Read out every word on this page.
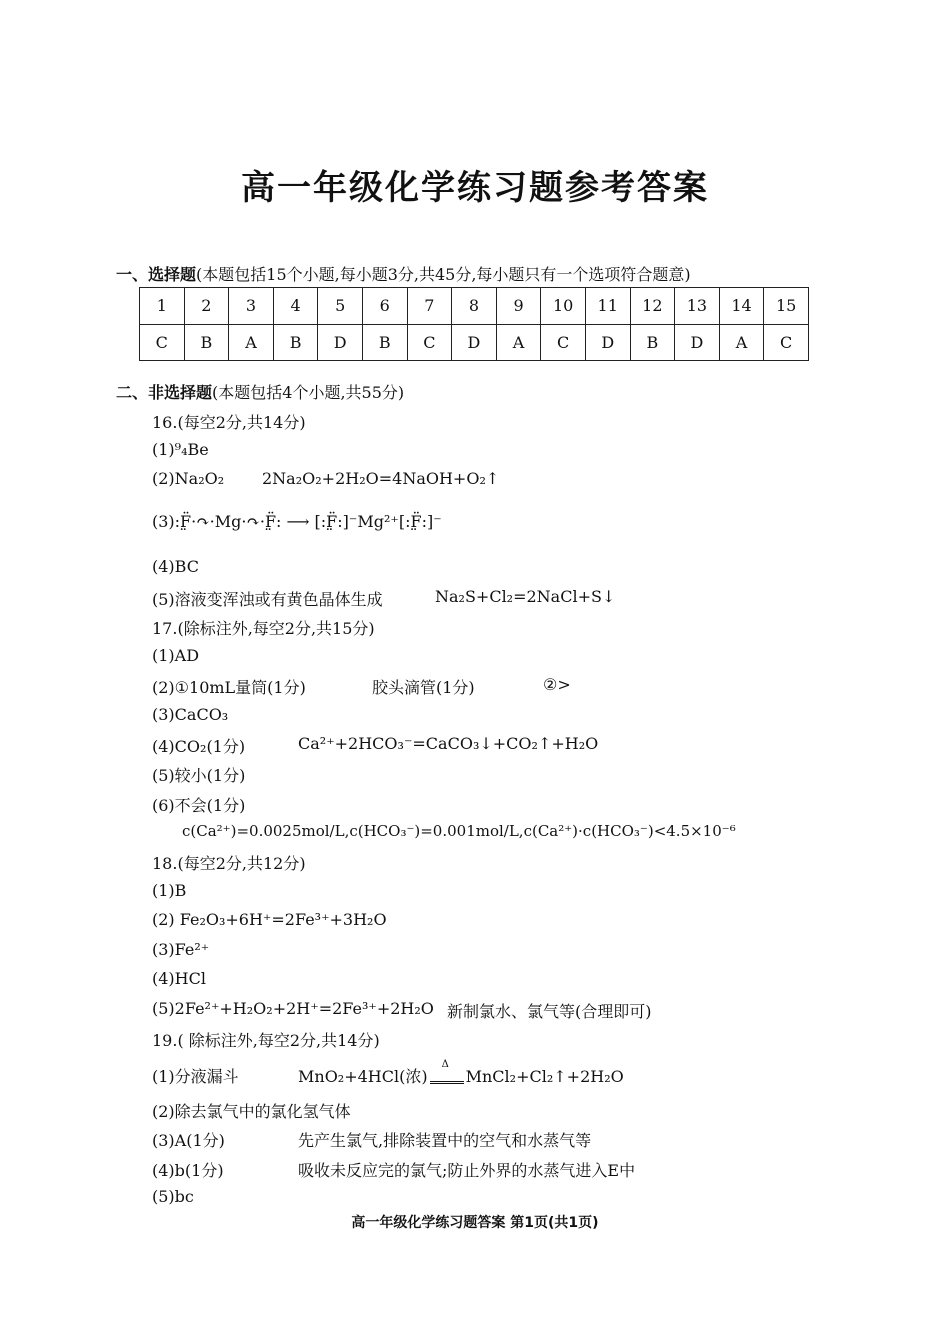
高一年级化学练习题参考答案
一、选择题(本题包括15个小题,每小题3分,共45分,每小题只有一个选项符合题意)
1	2	3	4	5	6	7	8	9	10	11	12	13	14	15
C	B	A	B	D	B	C	D	A	C	D	B	D	A	C
二、非选择题(本题包括4个小题,共55分)
16.(每空2分,共14分)
(1)⁹₄Be
(2)Na₂O₂ 2Na₂O₂+2H₂O=4NaOH+O₂↑
(3):F̤̈·↷·Mg·↷·F̤̈: ⟶ [:F̤̈:]⁻Mg²⁺[:F̤̈:]⁻
(4)BC
(5)溶液变浑浊或有黄色晶体生成	Na₂S+Cl₂=2NaCl+S↓
17.(除标注外,每空2分,共15分)
(1)AD
(2)①10mL量筒(1分)	胶头滴管(1分)	②>
(3)CaCO₃
(4)CO₂(1分)	Ca²⁺+2HCO₃⁻=CaCO₃↓+CO₂↑+H₂O
(5)较小(1分)
(6)不会(1分)
c(Ca²⁺)=0.0025mol/L,c(HCO₃⁻)=0.001mol/L,c(Ca²⁺)·c(HCO₃⁻)<4.5×10⁻⁶
18.(每空2分,共12分)
(1)B
(2) Fe₂O₃+6H⁺=2Fe³⁺+3H₂O
(3)Fe²⁺
(4)HCl
(5)2Fe²⁺+H₂O₂+2H⁺=2Fe³⁺+2H₂O 新制氯水、氯气等(合理即可)
19.( 除标注外,每空2分,共14分)
(1)分液漏斗	MnO₂+4HCl(浓)
Δ
MnCl₂+Cl₂↑+2H₂O
(2)除去氯气中的氯化氢气体
(3)A(1分)	先产生氯气,排除装置中的空气和水蒸气等
(4)b(1分)	吸收未反应完的氯气;防止外界的水蒸气进入E中
(5)bc
高一年级化学练习题答案 第1页(共1页)
